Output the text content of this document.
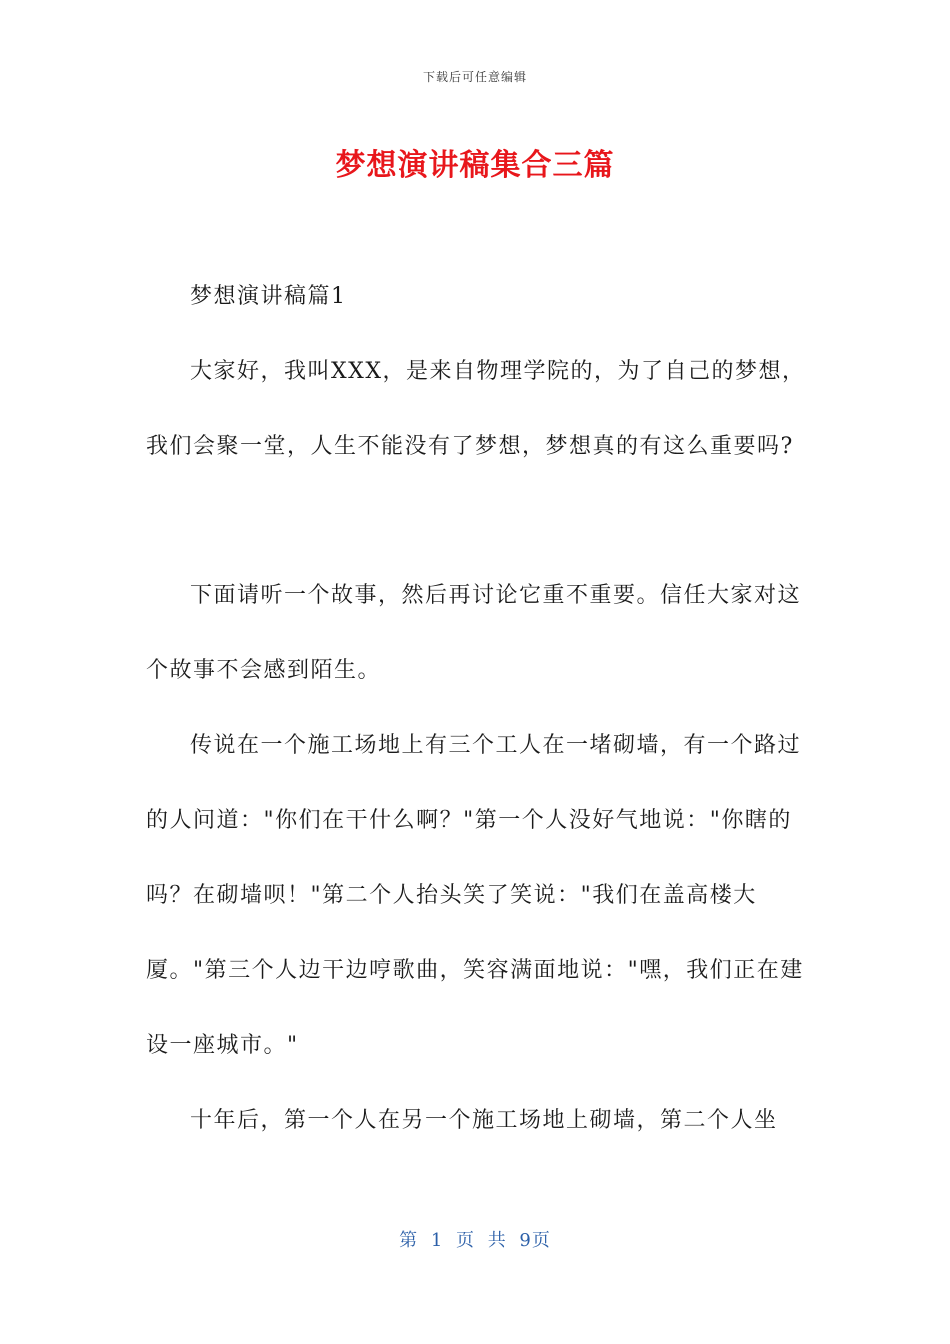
下载后可任意编辑
梦想演讲稿集合三篇

梦想演讲稿篇1

大家好，我叫XXX，是来自物理学院的，为了自己的梦想，我们会聚一堂，人生不能没有了梦想，梦想真的有这么重要吗?

下面请听一个故事，然后再讨论它重不重要。信任大家对这个故事不会感到陌生。

传说在一个施工场地上有三个工人在一堵砌墙，有一个路过的人问道："你们在干什么啊？"第一个人没好气地说："你瞎的吗？在砌墙呗！"第二个人抬头笑了笑说："我们在盖高楼大厦。"第三个人边干边哼歌曲，笑容满面地说："嘿，我们正在建设一座城市。"

十年后，第一个人在另一个施工场地上砌墙，第二个人坐

第 1 页 共 9页
